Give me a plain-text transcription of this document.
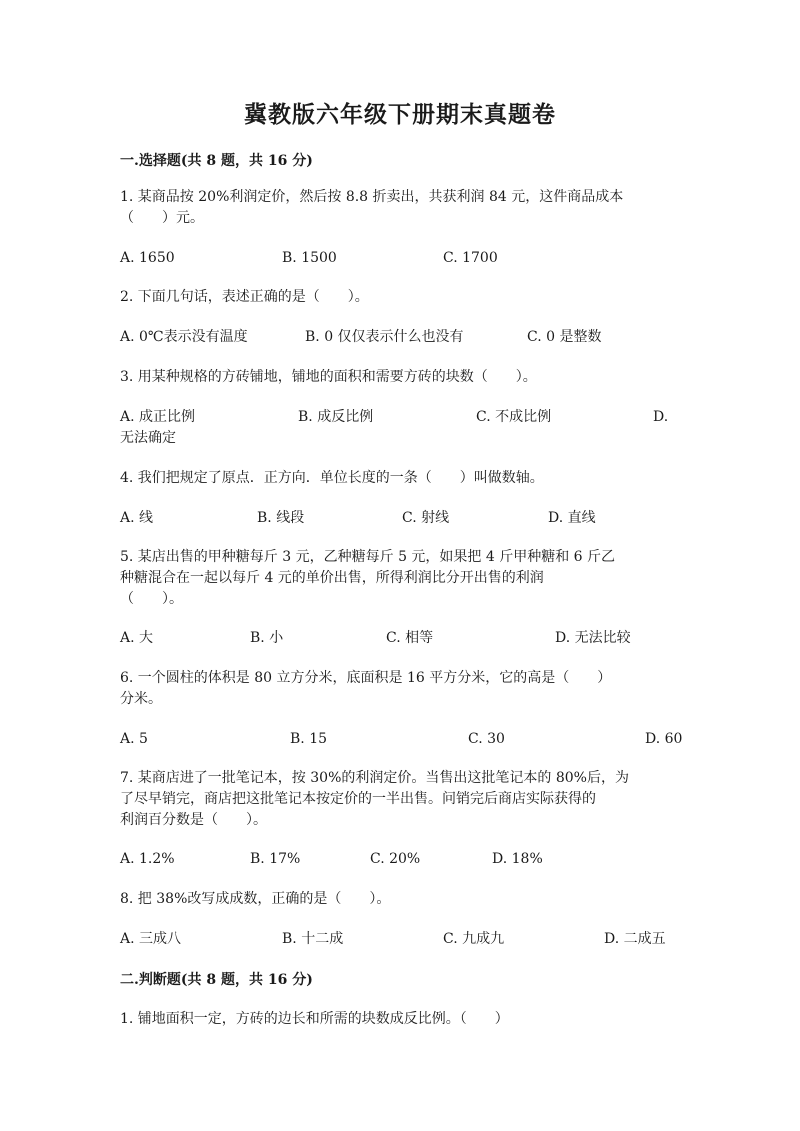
冀教版六年级下册期末真题卷
一.选择题(共 8 题，共 16 分)
1. 某商品按 20%利润定价，然后按 8.8 折卖出，共获利润 84 元，这件商品成本
（　　）元。
A. 1650	B. 1500	C. 1700
2. 下面几句话，表述正确的是（　　）。
A. 0℃表示没有温度	B. 0 仅仅表示什么也没有	C. 0 是整数
3. 用某种规格的方砖铺地，铺地的面积和需要方砖的块数（　　）。
A. 成正比例	B. 成反比例	C. 不成比例	D.
无法确定
4. 我们把规定了原点．正方向．单位长度的一条（　　）叫做数轴。
A. 线	B. 线段	C. 射线	D. 直线
5. 某店出售的甲种糖每斤 3 元，乙种糖每斤 5 元，如果把 4 斤甲种糖和 6 斤乙
种糖混合在一起以每斤 4 元的单价出售，所得利润比分开出售的利润
（　　）。
A. 大	B. 小	C. 相等	D. 无法比较
6. 一个圆柱的体积是 80 立方分米，底面积是 16 平方分米，它的高是（　　）
分米。
A. 5	B. 15	C. 30	D. 60
7. 某商店进了一批笔记本，按 30%的利润定价。当售出这批笔记本的 80%后，为
了尽早销完，商店把这批笔记本按定价的一半出售。问销完后商店实际获得的
利润百分数是（　　）。
A. 1.2%	B. 17%	C. 20%	D. 18%
8. 把 38%改写成成数，正确的是（　　）。
A. 三成八	B. 十二成	C. 九成九	D. 二成五
二.判断题(共 8 题，共 16 分)
1. 铺地面积一定，方砖的边长和所需的块数成反比例。（　　）
